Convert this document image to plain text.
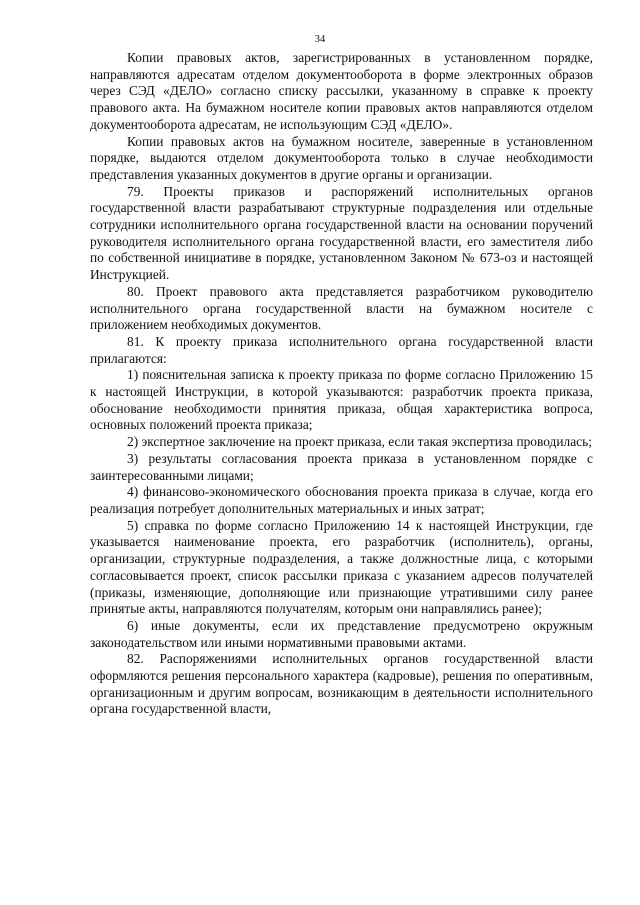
34

Копии правовых актов, зарегистрированных в установленном порядке, направляются адресатам отделом документооборота в форме электронных образов через СЭД «ДЕЛО» согласно списку рассылки, указанному в справке к проекту правового акта. На бумажном носителе копии правовых актов направляются отделом документооборота адресатам, не использующим СЭД «ДЕЛО».

Копии правовых актов на бумажном носителе, заверенные в установленном порядке, выдаются отделом документооборота только в случае необходимости представления указанных документов в другие органы и организации.

79. Проекты приказов и распоряжений исполнительных органов государственной власти разрабатывают структурные подразделения или отдельные сотрудники исполнительного органа государственной власти на основании поручений руководителя исполнительного органа государственной власти, его заместителя либо по собственной инициативе в порядке, установленном Законом № 673-оз и настоящей Инструкцией.

80. Проект правового акта представляется разработчиком руководителю исполнительного органа государственной власти на бумажном носителе с приложением необходимых документов.

81. К проекту приказа исполнительного органа государственной власти прилагаются:

1) пояснительная записка к проекту приказа по форме согласно Приложению 15 к настоящей Инструкции, в которой указываются: разработчик проекта приказа, обоснование необходимости принятия приказа, общая характеристика вопроса, основных положений проекта приказа;

2) экспертное заключение на проект приказа, если такая экспертиза проводилась;

3) результаты согласования проекта приказа в установленном порядке с заинтересованными лицами;

4) финансово-экономического обоснования проекта приказа в случае, когда его реализация потребует дополнительных материальных и иных затрат;

5) справка по форме согласно Приложению 14 к настоящей Инструкции, где указывается наименование проекта, его разработчик (исполнитель), органы, организации, структурные подразделения, а также должностные лица, с которыми согласовывается проект, список рассылки приказа с указанием адресов получателей (приказы, изменяющие, дополняющие или признающие утратившими силу ранее принятые акты, направляются получателям, которым они направлялись ранее);

6) иные документы, если их представление предусмотрено окружным законодательством или иными нормативными правовыми актами.

82. Распоряжениями исполнительных органов государственной власти оформляются решения персонального характера (кадровые), решения по оперативным, организационным и другим вопросам, возникающим в деятельности исполнительного органа государственной власти,
